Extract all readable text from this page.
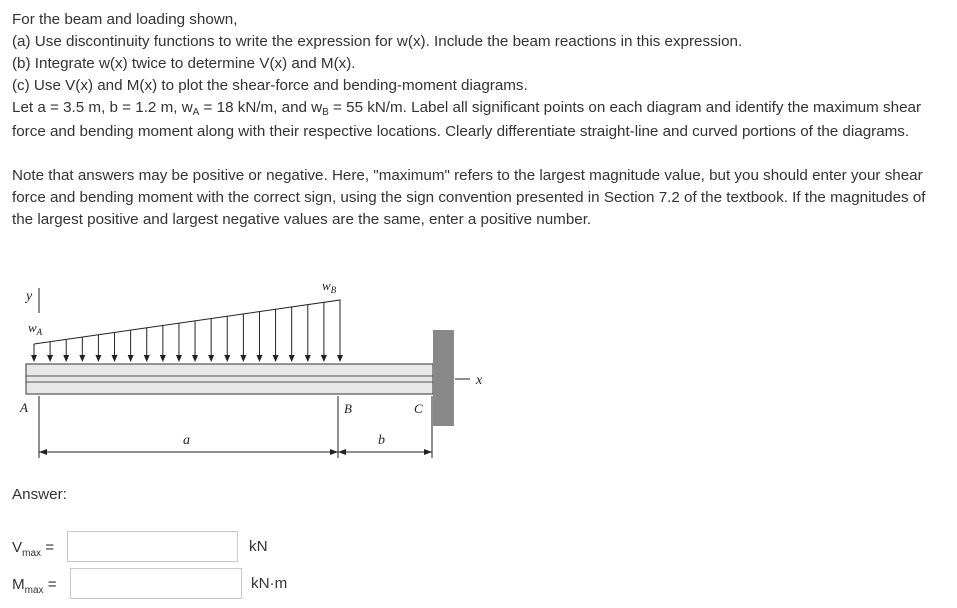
For the beam and loading shown,

(a) Use discontinuity functions to write the expression for w(x). Include the beam reactions in this expression.

(b) Integrate w(x) twice to determine V(x) and M(x).

(c) Use V(x) and M(x) to plot the shear-force and bending-moment diagrams.

Let a = 3.5 m, b = 1.2 m, wA = 18 kN/m, and wB = 55 kN/m. Label all significant points on each diagram and identify the maximum shear force and bending moment along with their respective locations. Clearly differentiate straight-line and curved portions of the diagrams.

Note that answers may be positive or negative. Here, "maximum" refers to the largest magnitude value, but you should enter your shear force and bending moment with the correct sign, using the sign convention presented in Section 7.2 of the textbook. If the magnitudes of the largest positive and largest negative values are the same, enter a positive number.

y
$w_A$
$w_B$
x
A	B	C
a	b
Answer:
$V_{max}$ =	kN
$M_{max}$ =	kN·m
